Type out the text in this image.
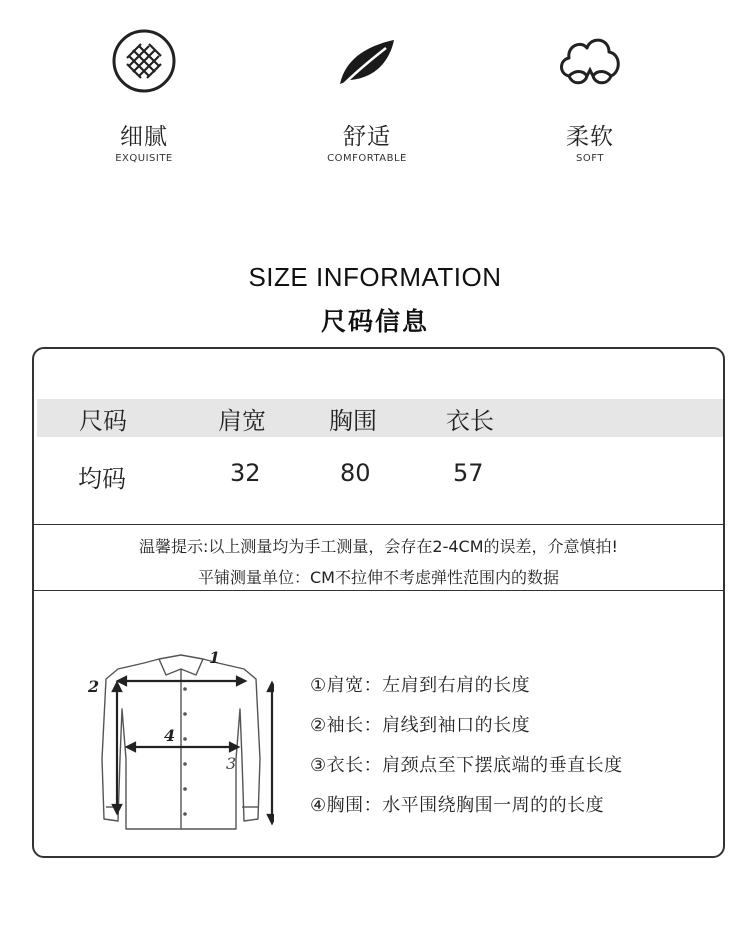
细腻
EXQUISITE
舒适
COMFORTABLE
柔软
SOFT
SIZE INFORMATION
尺码信息
尺码	肩宽	胸围	衣长
均码	32	80	57
温馨提示:以上测量均为手工测量，会存在2-4CM的误差，介意慎拍!
平铺测量单位：CM不拉伸不考虑弹性范围内的数据
1
2
3
4
①肩宽：左肩到右肩的长度
②袖长：肩线到袖口的长度
③衣长：肩颈点至下摆底端的垂直长度
④胸围：水平围绕胸围一周的的长度
